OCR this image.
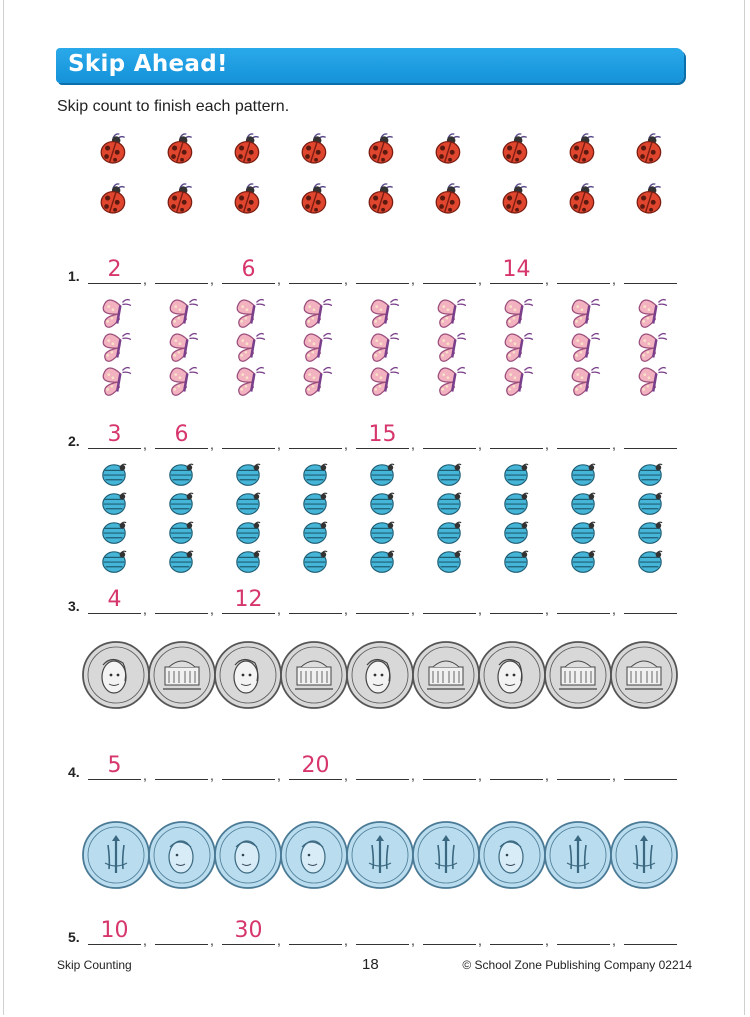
Skip Ahead!
Skip count to finish each pattern.
1.	2	,	,	6	,	,	,	, 14	,	,
2.	3	,	6	,	,	, 15	,	,	,	,
3.	4	,	, 12	,	,	,	,	,	,
4.	5	,	,	, 20	,	,	,	,	,
5. 10	,	, 30	,	,	,	,	,	,
Skip Counting	18	© School Zone Publishing Company 02214
